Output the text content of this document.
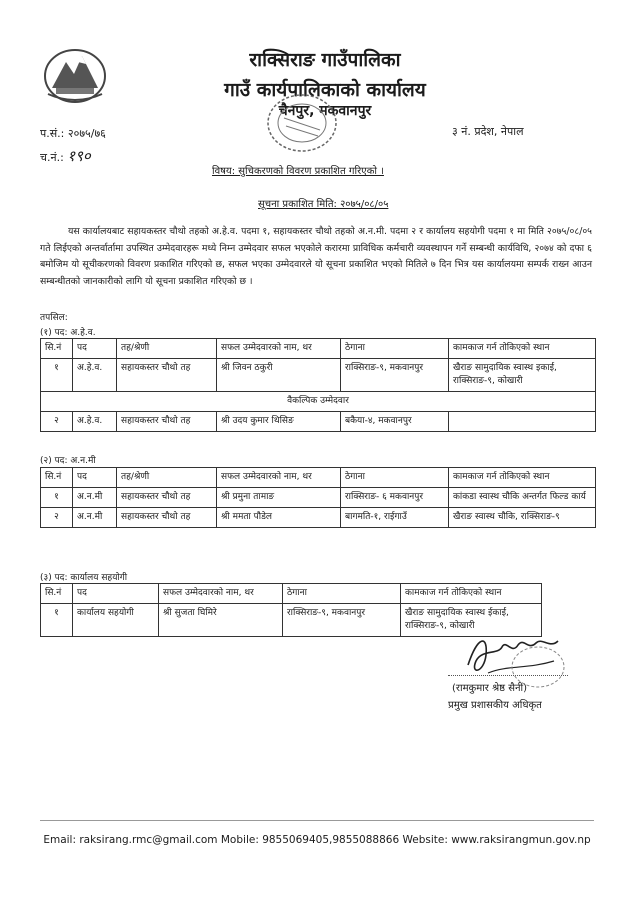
राक्सिराङ गाउँपालिका
गाउँ कार्यपालिकाको कार्यालय
चैनपुर, मकवानपुर
प.सं.: २०७५/७६
च.नं.: १९०
३ नं. प्रदेश, नेपाल
विषय: सुचिकरणको विवरण प्रकाशित गरिएको ।
सूचना प्रकाशित मिति: २०७५/०८/०५
यस कार्यालयबाट सहायकस्तर चौथो तहको अ.हे.व. पदमा १, सहायकस्तर चौथो तहको अ.न.मी. पदमा २ र कार्यालय सहयोगी पदमा १ मा मिति २०७५/०८/०५ गते लिईएको अन्तर्वार्तामा उपस्थित उम्मेदवारहरू मध्ये निम्न उम्मेदवार सफल भएकोले करारमा प्राविधिक कर्मचारी व्यवस्थापन गर्ने सम्बन्धी कार्यविधि, २०७४ को दफा ६ बमोजिम यो सूचीकरणको विवरण प्रकाशित गरिएको छ, सफल भएका उम्मेदवारले यो सूचना प्रकाशित भएको मितिले ७ दिन भित्र यस कार्यालयमा सम्पर्क राख्न आउन सम्बन्धीतको जानकारीको लागि यो सूचना प्रकाशित गरिएको छ ।
तपसिल:
(१) पद: अ.हे.व.
सि.नं	पद	तह/श्रेणी	सफल उम्मेदवारको नाम, थर	ठेगाना	कामकाज गर्न तोकिएको स्थान
१	अ.हे.व.	सहायकस्तर चौथो तह	श्री जिवन ठकुरी	राक्सिराङ-९, मकवानपुर	खैराङ सामुदायिक स्वास्थ इकाई, राक्सिराङ-९, कोखारी
वैकल्पिक उम्मेदवार					
२	अ.हे.व.	सहायकस्तर चौथो तह	श्री उदय कुमार थिसिङ	बकैया-४, मकवानपुर	
(२) पद: अ.न.मी
सि.नं	पद	तह/श्रेणी	सफल उम्मेदवारको नाम, थर	ठेगाना	कामकाज गर्न तोकिएको स्थान
१	अ.न.मी	सहायकस्तर चौथो तह	श्री प्रमुना तामाङ	राक्सिराङ- ६ मकवानपुर	कांकडा स्वास्थ चौकि अन्तर्गत फिल्ड कार्य
२	अ.न.मी	सहायकस्तर चौथो तह	श्री ममता पौडेल	बागमति-१, राईगाउँ	खैराङ स्वास्थ चौकि, राक्सिराङ-९
(३) पद: कार्यालय सहयोगी
सि.नं	पद	सफल उम्मेदवारको नाम, थर	ठेगाना	कामकाज गर्न तोकिएको स्थान
१	कार्यालय सहयोगी	श्री सुजता घिमिरे	राक्सिराङ-९, मकवानपुर	खैराङ सामुदायिक स्वास्थ ईकाई, राक्सिराङ-९, कोखारी
(रामकुमार श्रेष्ठ सैनी)
प्रमुख प्रशासकीय अधिकृत
Email: raksirang.rmc@gmail.com Mobile: 9855069405,9855088866 Website: www.raksirangmun.gov.np
